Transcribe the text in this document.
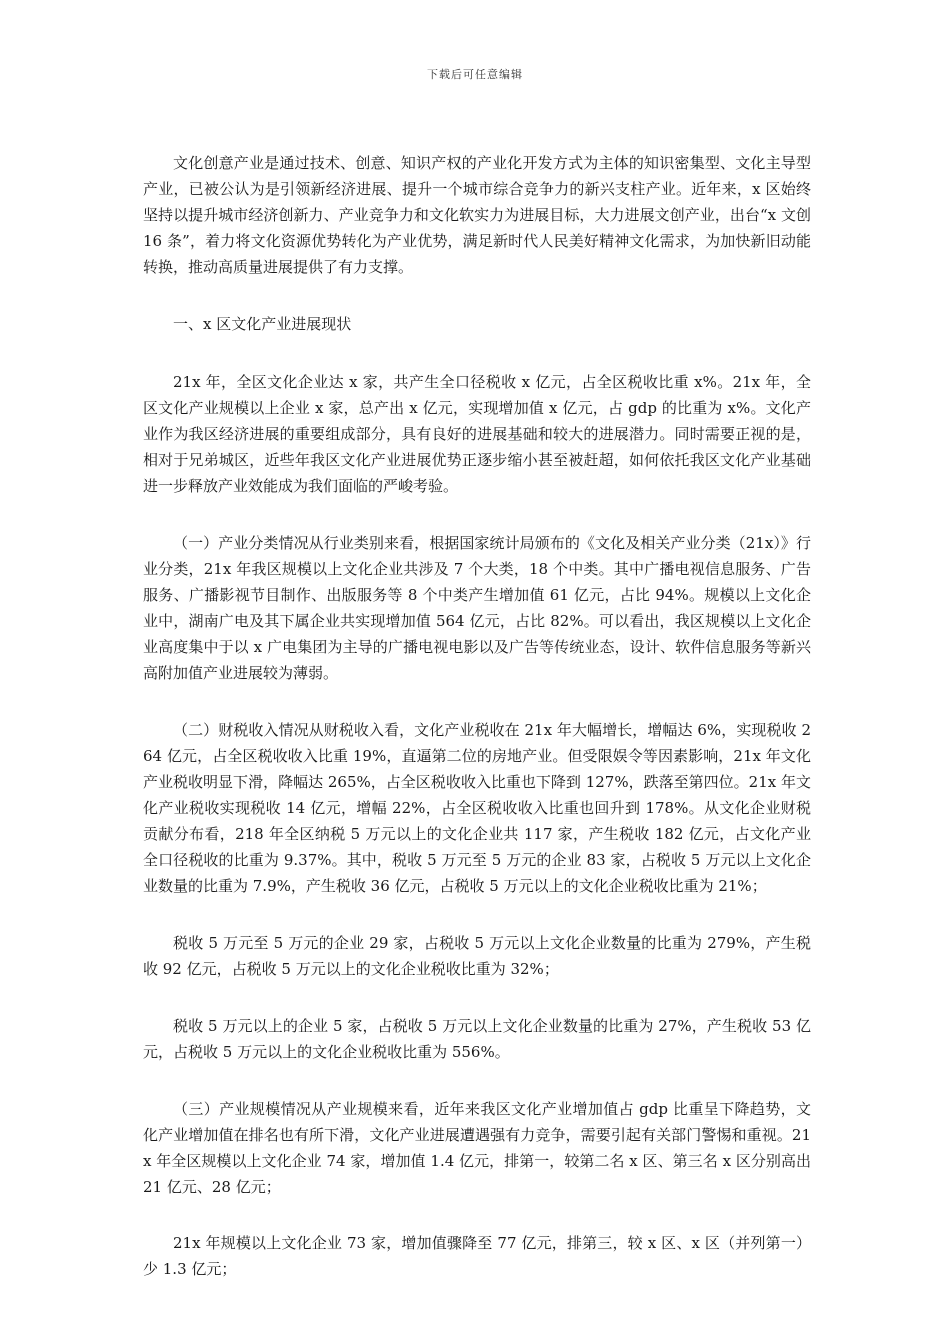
下载后可任意编辑

文化创意产业是通过技术、创意、知识产权的产业化开发方式为主体的知识密集型、文化主导型产业，已被公认为是引领新经济进展、提升一个城市综合竞争力的新兴支柱产业。近年来，x 区始终坚持以提升城市经济创新力、产业竞争力和文化软实力为进展目标，大力进展文创产业，出台“x 文创 16 条”，着力将文化资源优势转化为产业优势，满足新时代人民美好精神文化需求，为加快新旧动能转换，推动高质量进展提供了有力支撑。

一、x 区文化产业进展现状

21x 年，全区文化企业达 x 家，共产生全口径税收 x 亿元，占全区税收比重 x%。21x 年，全区文化产业规模以上企业 x 家，总产出 x 亿元，实现增加值 x 亿元，占 gdp 的比重为 x%。文化产业作为我区经济进展的重要组成部分，具有良好的进展基础和较大的进展潜力。同时需要正视的是，相对于兄弟城区，近些年我区文化产业进展优势正逐步缩小甚至被赶超，如何依托我区文化产业基础进一步释放产业效能成为我们面临的严峻考验。

（一）产业分类情况从行业类别来看，根据国家统计局颁布的《文化及相关产业分类（21x）》行业分类，21x 年我区规模以上文化企业共涉及 7 个大类，18 个中类。其中广播电视信息服务、广告服务、广播影视节目制作、出版服务等 8 个中类产生增加值 61 亿元，占比 94%。规模以上文化企业中，湖南广电及其下属企业共实现增加值 564 亿元，占比 82%。可以看出，我区规模以上文化企业高度集中于以 x 广电集团为主导的广播电视电影以及广告等传统业态，设计、软件信息服务等新兴高附加值产业进展较为薄弱。

（二）财税收入情况从财税收入看，文化产业税收在 21x 年大幅增长，增幅达 6%，实现税收 264 亿元，占全区税收收入比重 19%，直逼第二位的房地产业。但受限娱令等因素影响，21x 年文化产业税收明显下滑，降幅达 265%，占全区税收收入比重也下降到 127%，跌落至第四位。21x 年文化产业税收实现税收 14 亿元，增幅 22%，占全区税收收入比重也回升到 178%。从文化企业财税贡献分布看，218 年全区纳税 5 万元以上的文化企业共 117 家，产生税收 182 亿元，占文化产业全口径税收的比重为 9.37%。其中，税收 5 万元至 5 万元的企业 83 家，占税收 5 万元以上文化企业数量的比重为 7.9%，产生税收 36 亿元，占税收 5 万元以上的文化企业税收比重为 21%；

税收 5 万元至 5 万元的企业 29 家，占税收 5 万元以上文化企业数量的比重为 279%，产生税收 92 亿元，占税收 5 万元以上的文化企业税收比重为 32%；

税收 5 万元以上的企业 5 家，占税收 5 万元以上文化企业数量的比重为 27%，产生税收 53 亿元，占税收 5 万元以上的文化企业税收比重为 556%。

（三）产业规模情况从产业规模来看，近年来我区文化产业增加值占 gdp 比重呈下降趋势，文化产业增加值在排名也有所下滑，文化产业进展遭遇强有力竞争，需要引起有关部门警惕和重视。21x 年全区规模以上文化企业 74 家，增加值 1.4 亿元，排第一，较第二名 x 区、第三名 x 区分别高出 21 亿元、28 亿元；

21x 年规模以上文化企业 73 家，增加值骤降至 77 亿元，排第三，较 x 区、x 区（并列第一）少 1.3 亿元；
